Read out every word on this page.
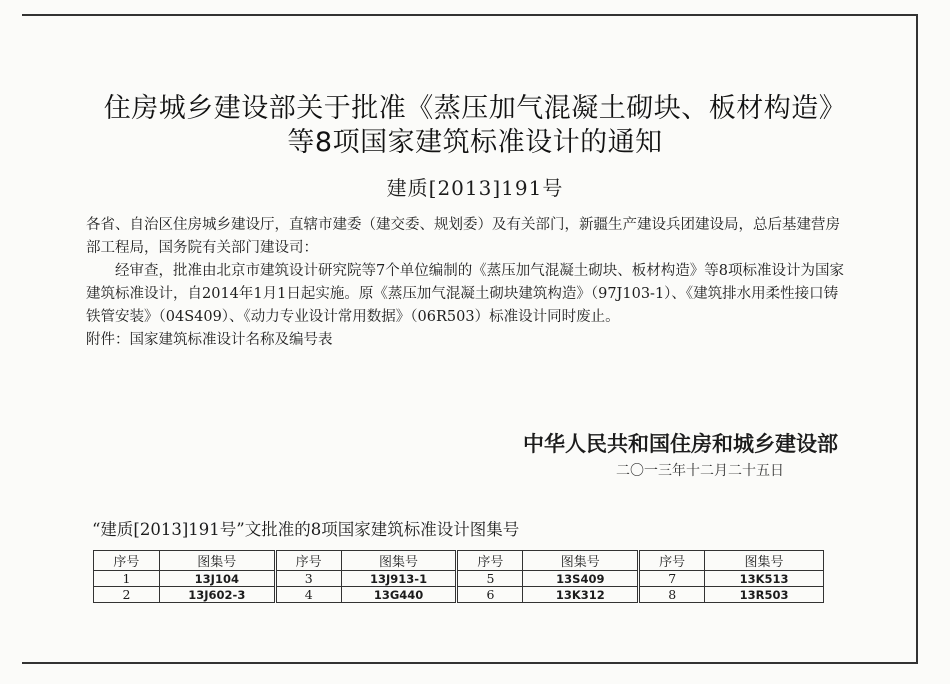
住房城乡建设部关于批准《蒸压加气混凝土砌块、板材构造》
等8项国家建筑标准设计的通知
建质[2013]191号

各省、自治区住房城乡建设厅，直辖市建委（建交委、规划委）及有关部门，新疆生产建设兵团建设局，总后基建营房部工程局，国务院有关部门建设司：

经审查，批准由北京市建筑设计研究院等7个单位编制的《蒸压加气混凝土砌块、板材构造》等8项标准设计为国家建筑标准设计，自2014年1月1日起实施。原《蒸压加气混凝土砌块建筑构造》（97J103-1）、《建筑排水用柔性接口铸铁管安装》（04S409）、《动力专业设计常用数据》（06R503）标准设计同时废止。

附件：国家建筑标准设计名称及编号表

中华人民共和国住房和城乡建设部
二〇一三年十二月二十五日
“建质[2013]191号”文批准的8项国家建筑标准设计图集号
序号	图集号	序号	图集号	序号	图集号	序号	图集号
1	13J104	3	13J913-1	5	13S409	7	13K513
2	13J602-3	4	13G440	6	13K312	8	13R503
